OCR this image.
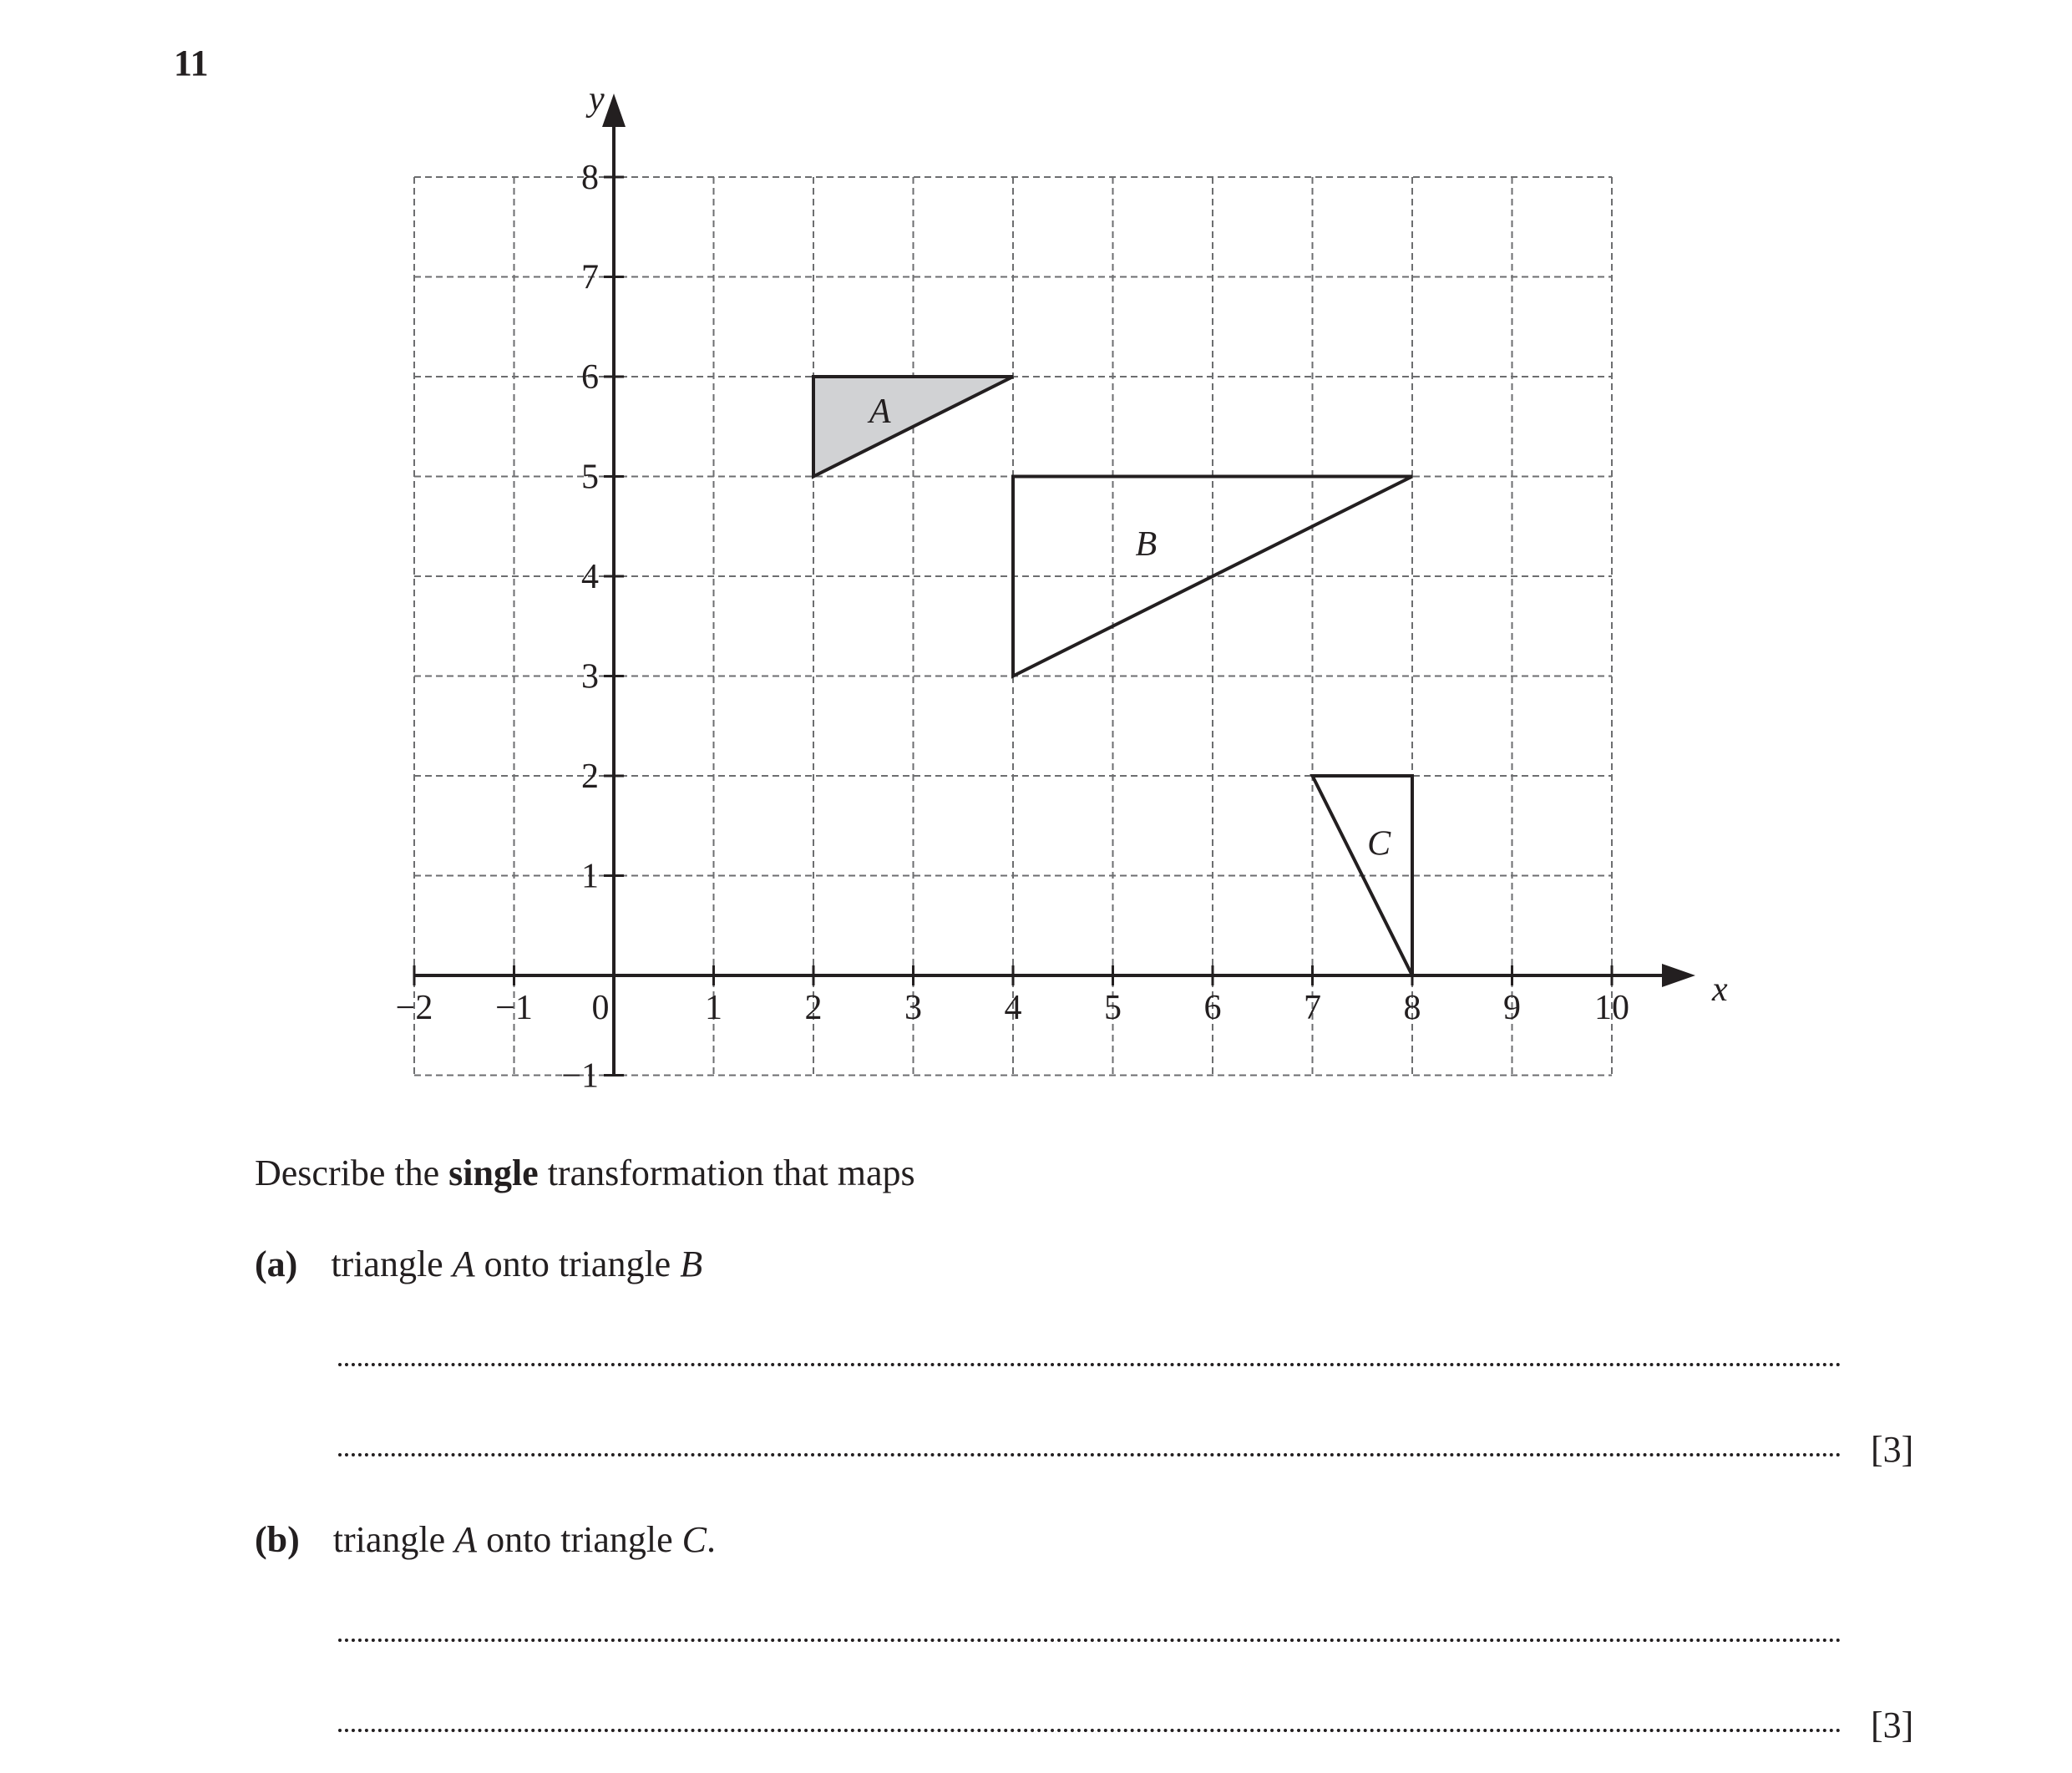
11
−2 −1 0	1 2 3 4 5 6 7 8 9 10
−1
1
2
3
4
5
6
7
8
x
y
A
B
C
Describe the single transformation that maps
(a) triangle A onto triangle B
[3]
(b) triangle A onto triangle C.
[3]
